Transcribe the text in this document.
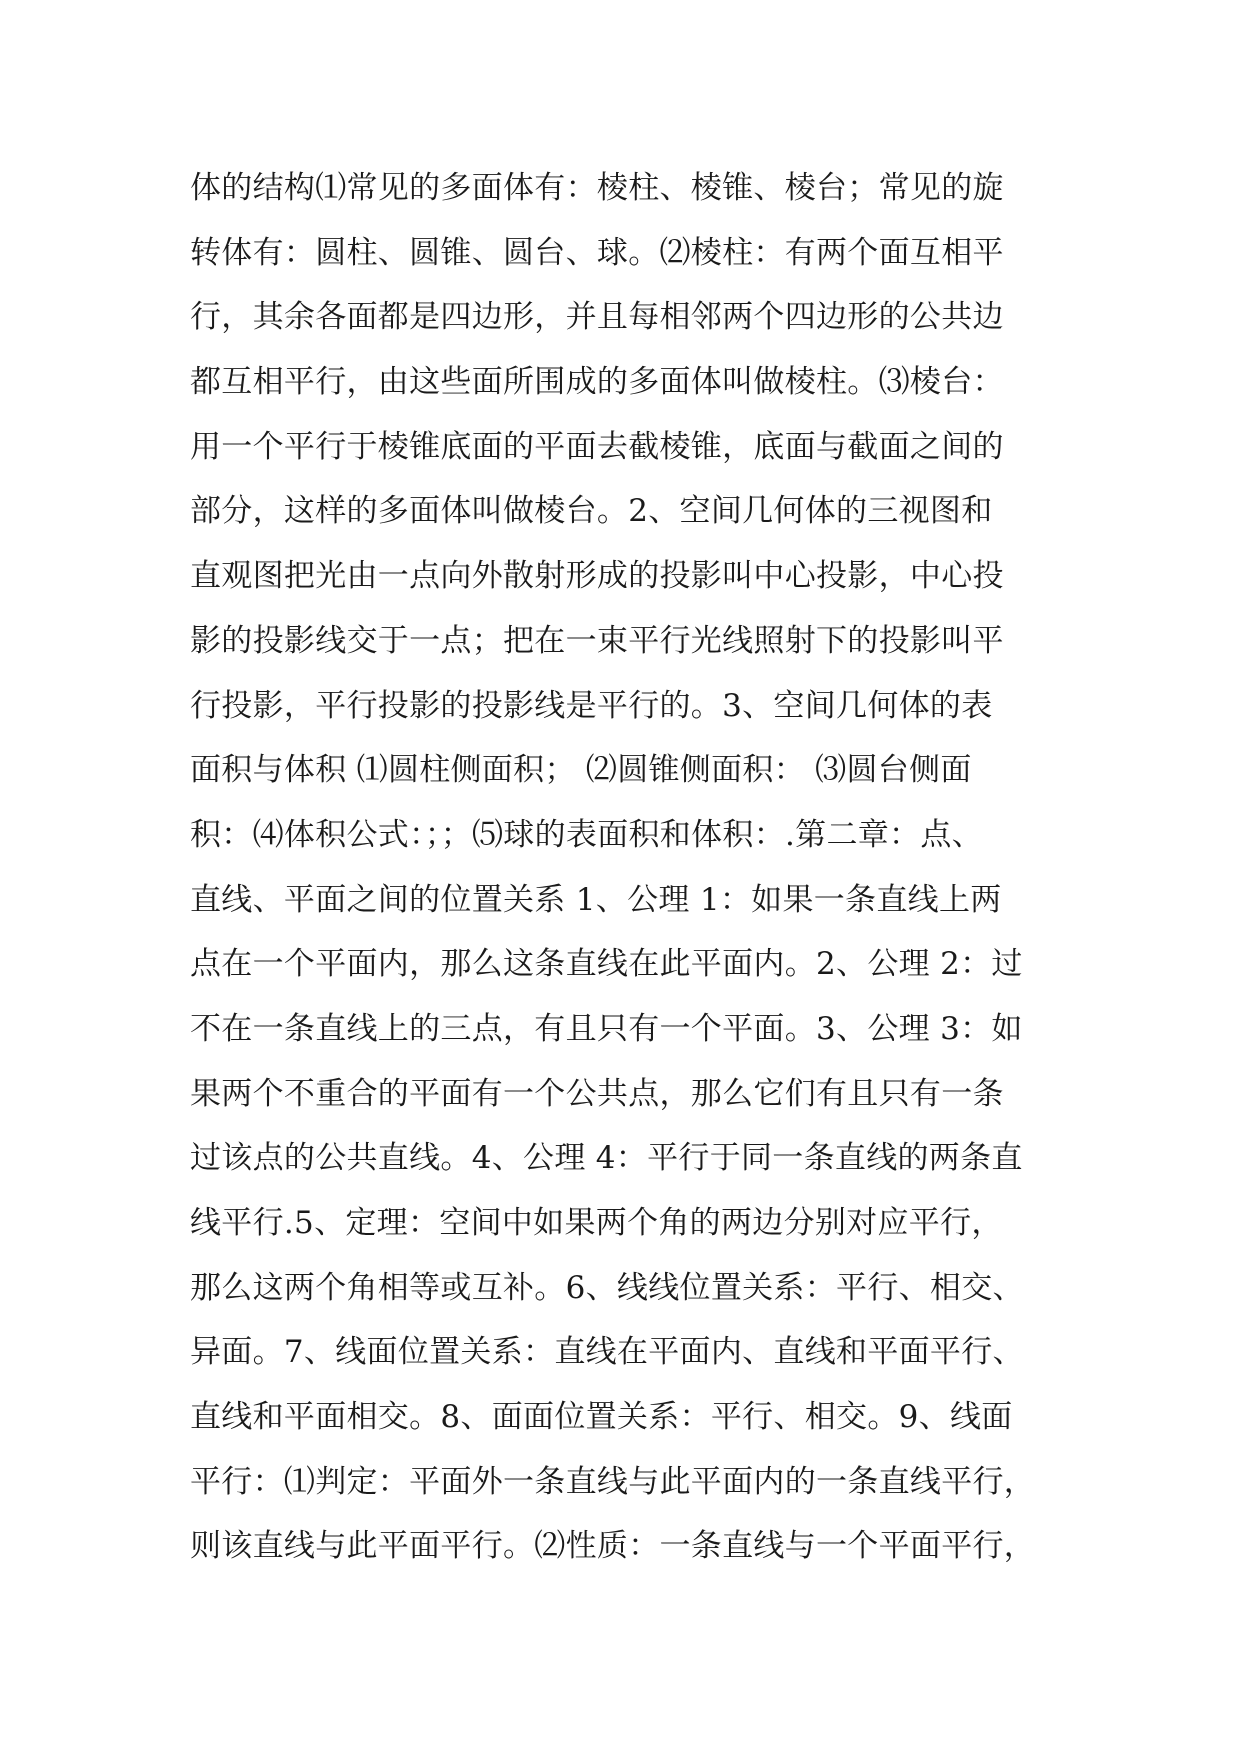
体的结构⑴常见的多面体有：棱柱、棱锥、棱台；常见的旋
转体有：圆柱、圆锥、圆台、球。⑵棱柱：有两个面互相平
行，其余各面都是四边形，并且每相邻两个四边形的公共边
都互相平行，由这些面所围成的多面体叫做棱柱。⑶棱台：
用一个平行于棱锥底面的平面去截棱锥，底面与截面之间的
部分，这样的多面体叫做棱台。2、空间几何体的三视图和
直观图把光由一点向外散射形成的投影叫中心投影，中心投
影的投影线交于一点；把在一束平行光线照射下的投影叫平
行投影，平行投影的投影线是平行的。3、空间几何体的表
面积与体积 ⑴圆柱侧面积； ⑵圆锥侧面积： ⑶圆台侧面
积：⑷体积公式：；；⑸球的表面积和体积：.第二章：点、
直线、平面之间的位置关系 1、公理 1：如果一条直线上两
点在一个平面内，那么这条直线在此平面内。2、公理 2：过
不在一条直线上的三点，有且只有一个平面。3、公理 3：如
果两个不重合的平面有一个公共点，那么它们有且只有一条
过该点的公共直线。4、公理 4：平行于同一条直线的两条直
线平行.5、定理：空间中如果两个角的两边分别对应平行，
那么这两个角相等或互补。6、线线位置关系：平行、相交、
异面。7、线面位置关系：直线在平面内、直线和平面平行、
直线和平面相交。8、面面位置关系：平行、相交。9、线面
平行：⑴判定：平面外一条直线与此平面内的一条直线平行，
则该直线与此平面平行。⑵性质：一条直线与一个平面平行，
